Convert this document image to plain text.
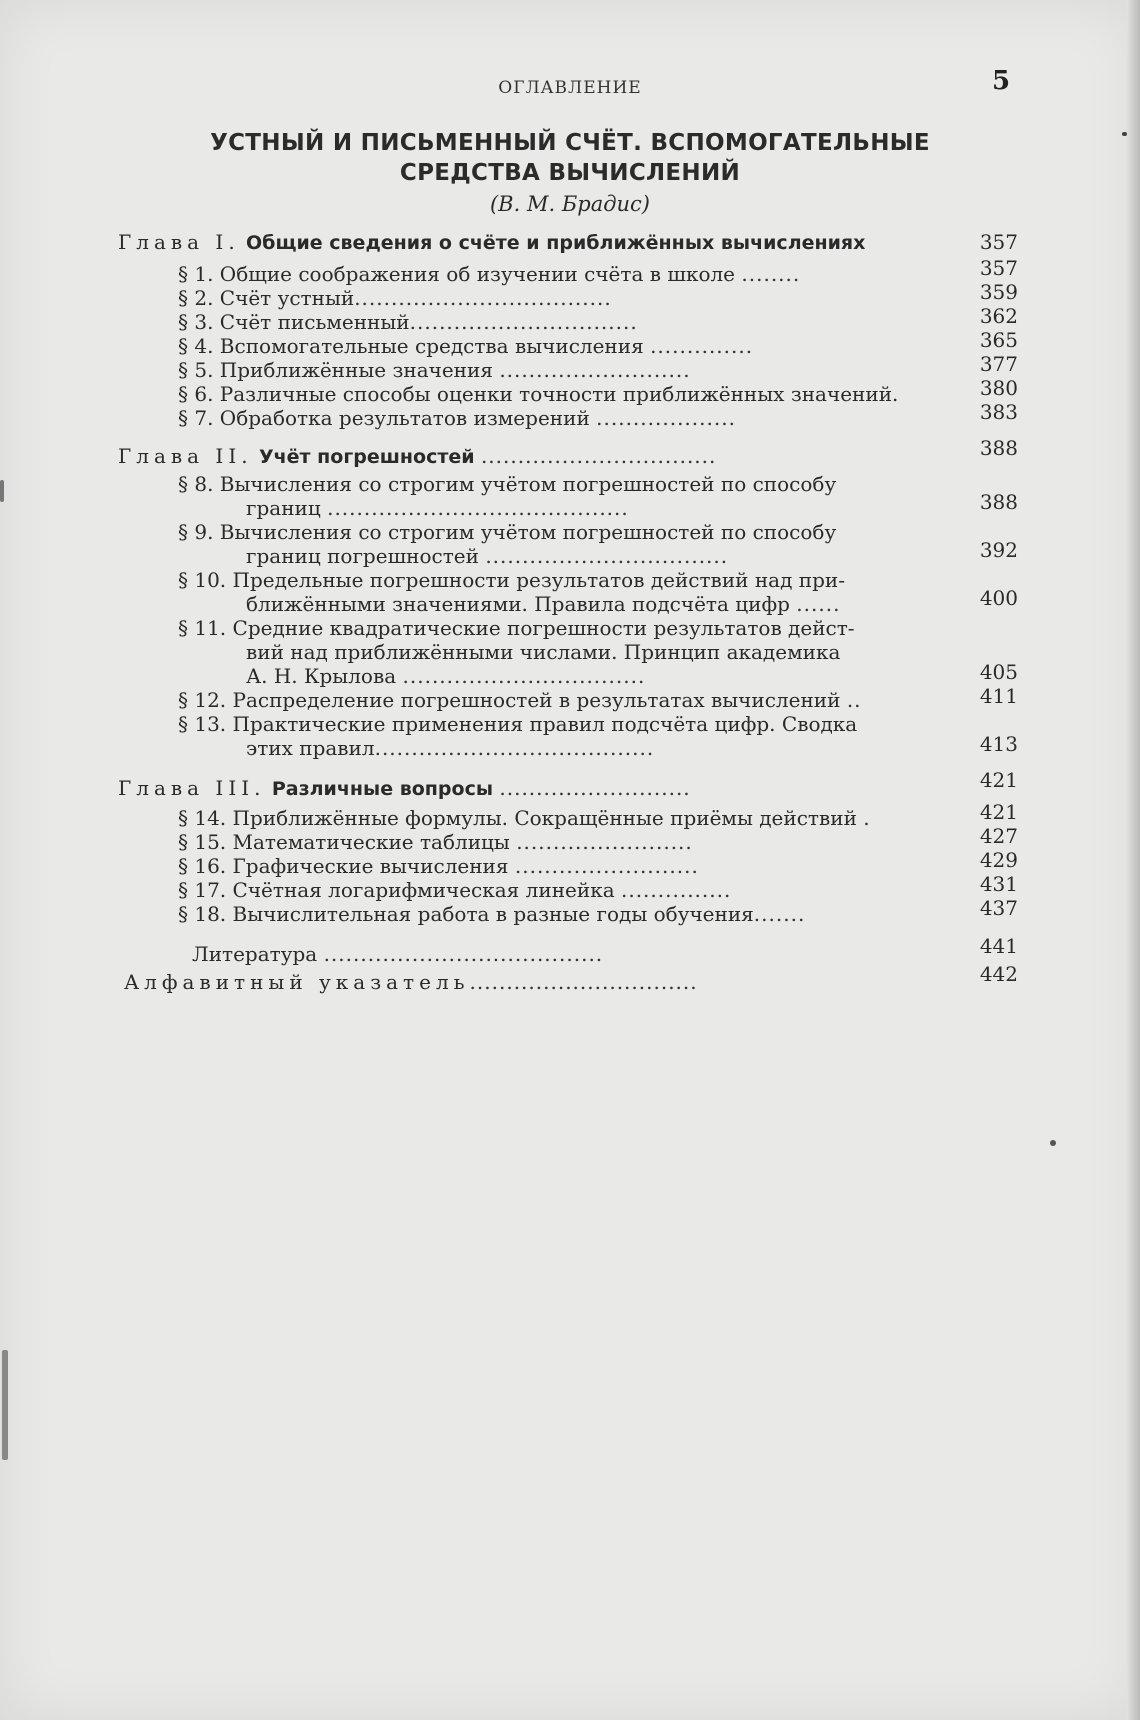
ОГЛАВЛЕНИЕ	5
УСТНЫЙ И ПИСЬМЕННЫЙ СЧЁТ. ВСПОМОГАТЕЛЬНЫЕ
СРЕДСТВА ВЫЧИСЛЕНИЙ
(В. М. Брадис)
Глава I. Общие сведения о счёте и приближённых вычислениях	357
§ 1. Общие соображения об изучении счёта в школе ........	357
§ 2. Счёт устный...................................	359
§ 3. Счёт письменный...............................	362
§ 4. Вспомогательные средства вычисления ..............	365
§ 5. Приближённые значения ..........................	377
§ 6. Различные способы оценки точности приближённых значений.	380
§ 7. Обработка результатов измерений ...................	383
Глава II. Учёт погрешностей ................................	388
§ 8. Вычисления со строгим учётом погрешностей по способу
границ .........................................	388
§ 9. Вычисления со строгим учётом погрешностей по способу
границ погрешностей .................................	392
§ 10. Предельные погрешности результатов действий над при-
ближёнными значениями. Правила подсчёта цифр ......	400
§ 11. Средние квадратические погрешности результатов дейст-
вий над приближёнными числами. Принцип академика
А. Н. Крылова .................................	405
§ 12. Распределение погрешностей в результатах вычислений ..	411
§ 13. Практические применения правил подсчёта цифр. Сводка
этих правил......................................	413
Глава III. Различные вопросы ..........................	421
§ 14. Приближённые формулы. Сокращённые приёмы действий .	421
§ 15. Математические таблицы ........................	427
§ 16. Графические вычисления .........................	429
§ 17. Счётная логарифмическая линейка ...............	431
§ 18. Вычислительная работа в разные годы обучения.......	437
Литература ......................................	441
Алфавитный указатель...............................	442
